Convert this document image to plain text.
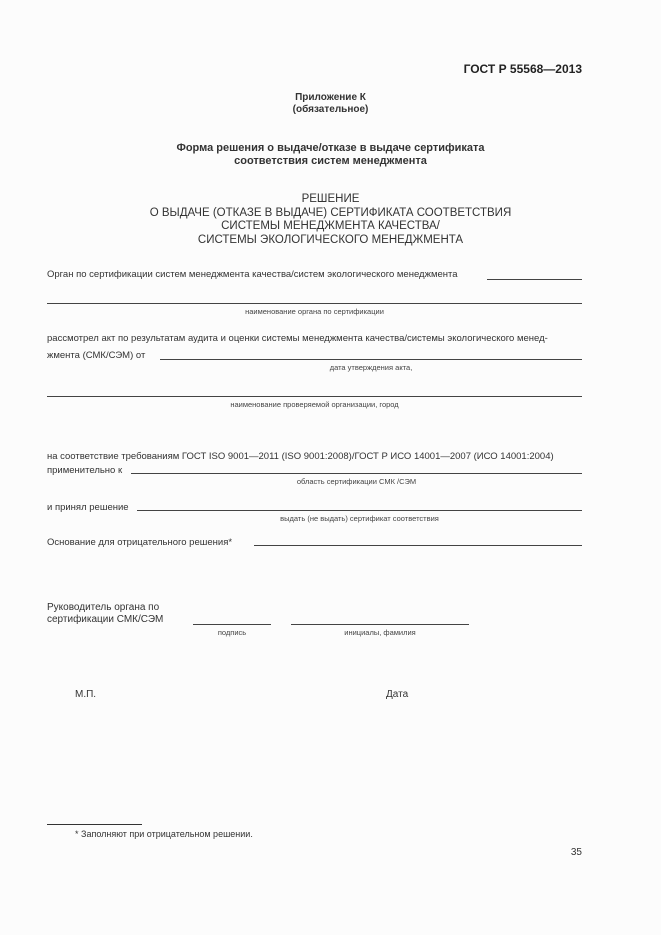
ГОСТ Р 55568—2013
Приложение К
(обязательное)
Форма решения о выдаче/отказе в выдаче сертификата
соответствия систем менеджмента
РЕШЕНИЕ
О ВЫДАЧЕ (ОТКАЗЕ В ВЫДАЧЕ) СЕРТИФИКАТА СООТВЕТСТВИЯ
СИСТЕМЫ МЕНЕДЖМЕНТА КАЧЕСТВА/
СИСТЕМЫ ЭКОЛОГИЧЕСКОГО МЕНЕДЖМЕНТА
Орган по сертификации систем менеджмента качества/систем экологического менеджмента
наименование органа по сертификации
рассмотрел акт по результатам аудита и оценки системы менеджмента качества/системы экологического менед-
жмента (СМК/СЭМ) от
дата утверждения акта,
наименование проверяемой организации, город
на соответствие требованиям ГОСТ ISO 9001—2011 (ISO 9001:2008)/ГОСТ Р ИСО 14001—2007 (ИСО 14001:2004)
применительно к
область сертификации СМК /СЭМ
и принял решение
выдать (не выдать) сертификат соответствия
Основание для отрицательного решения*
Руководитель органа по
сертификации СМК/СЭМ
подпись	инициалы, фамилия
М.П.	Дата
* Заполняют при отрицательном решении.
35
